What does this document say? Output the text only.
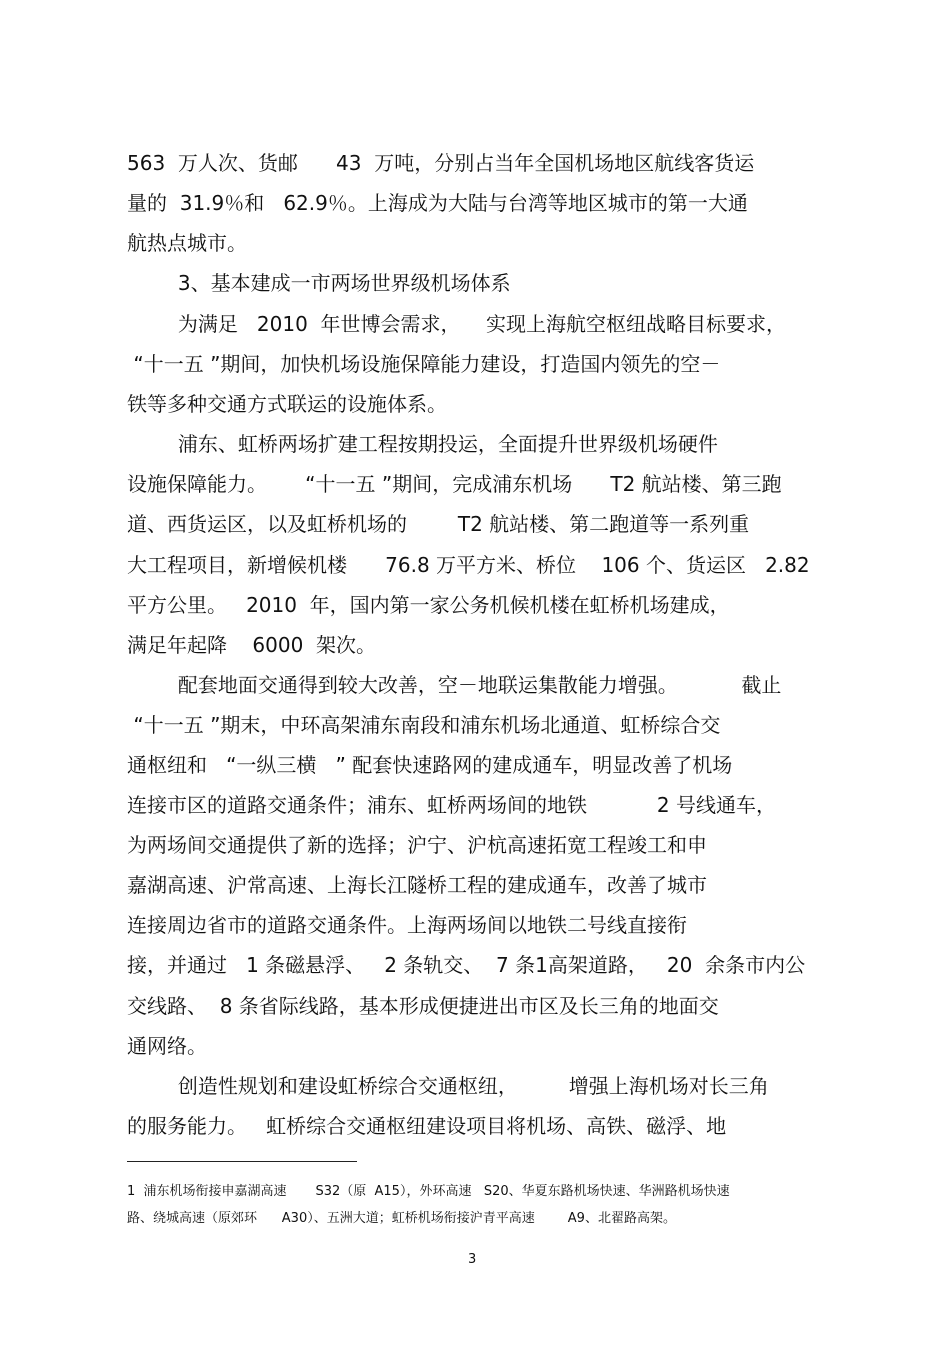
563  万人次、货邮      43  万吨，分别占当年全国机场地区航线客货运
量的  31.9％和   62.9％。上海成为大陆与台湾等地区城市的第一大通
航热点城市。
3、基本建成一市两场世界级机场体系
为满足   2010  年世博会需求，    实现上海航空枢纽战略目标要求，
“十一五 ”期间，加快机场设施保障能力建设，打造国内领先的空－
铁等多种交通方式联运的设施体系。
浦东、虹桥两场扩建工程按期投运，全面提升世界级机场硬件
设施保障能力。      “十一五 ”期间，完成浦东机场      T2 航站楼、第三跑
道、西货运区，以及虹桥机场的        T2 航站楼、第二跑道等一系列重
大工程项目，新增候机楼      76.8 万平方米、桥位    106 个、货运区   2.82
平方公里。   2010  年，国内第一家公务机候机楼在虹桥机场建成，
满足年起降    6000  架次。
配套地面交通得到较大改善，空－地联运集散能力增强。          截止
“十一五 ”期末，中环高架浦东南段和浦东机场北通道、虹桥综合交
通枢纽和   “一纵三横   ” 配套快速路网的建成通车，明显改善了机场
连接市区的道路交通条件；浦东、虹桥两场间的地铁           2 号线通车，
为两场间交通提供了新的选择；沪宁、沪杭高速拓宽工程竣工和申
嘉湖高速、沪常高速、上海长江隧桥工程的建成通车，改善了城市
连接周边省市的道路交通条件。上海两场间以地铁二号线直接衔
接，并通过   1 条磁悬浮、   2 条轨交、  7 条1高架道路，   20  余条市内公
交线路、  8 条省际线路，基本形成便捷进出市区及长三角的地面交
通网络。
创造性规划和建设虹桥综合交通枢纽，        增强上海机场对长三角
的服务能力。   虹桥综合交通枢纽建设项目将机场、高铁、磁浮、地
1  浦东机场衔接申嘉湖高速       S32（原  A15），外环高速   S20、华夏东路机场快速、华洲路机场快速
路、绕城高速（原郊环      A30）、五洲大道；虹桥机场衔接沪青平高速        A9、北翟路高架。
3
